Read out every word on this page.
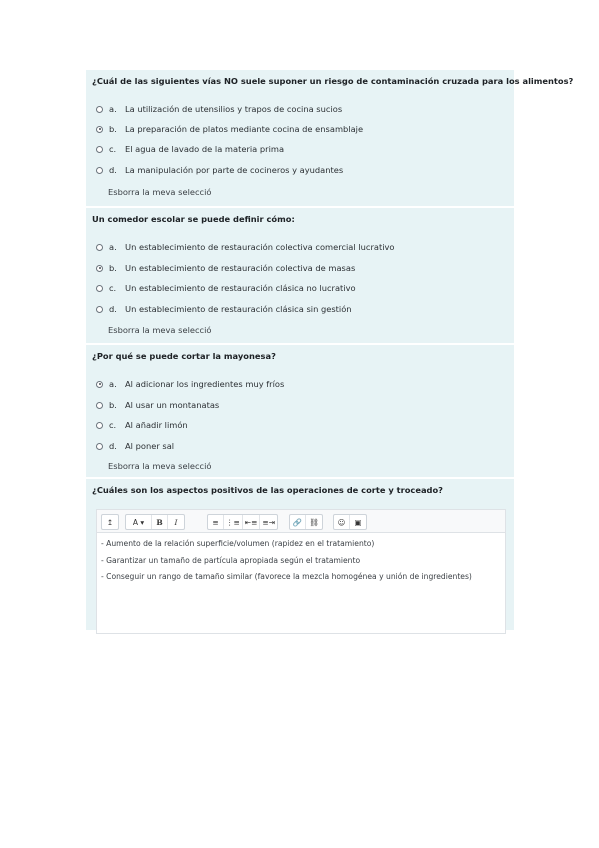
¿Cuál de las siguientes vías NO suele suponer un riesgo de contaminación cruzada para los alimentos?
a. La utilización de utensilios y trapos de cocina sucios
b. La preparación de platos mediante cocina de ensamblaje
c.	El agua de lavado de la materia prima
d. La manipulación por parte de cocineros y ayudantes
Esborra la meva selecció
Un comedor escolar se puede definir cómo:
a. Un establecimiento de restauración colectiva comercial lucrativo
b. Un establecimiento de restauración colectiva de masas
c.	Un establecimiento de restauración clásica no lucrativo
d. Un establecimiento de restauración clásica sin gestión
Esborra la meva selecció
¿Por qué se puede cortar la mayonesa?
a. Al adicionar los ingredientes muy fríos
b. Al usar un montanatas
c.	Al añadir limón
d. Al poner sal
Esborra la meva selecció
¿Cuáles son los aspectos positivos de las operaciones de corte y troceado?
↥	A ▾	B	I	≡ ⋮≡ ⇤≡ ≡⇥	🔗 ⛓	☺	▣
- Aumento de la relación superficie/volumen (rapidez en el tratamiento)
- Garantizar un tamaño de partícula apropiada según el tratamiento
- Conseguir un rango de tamaño similar (favorece la mezcla homogénea y unión de ingredientes)
